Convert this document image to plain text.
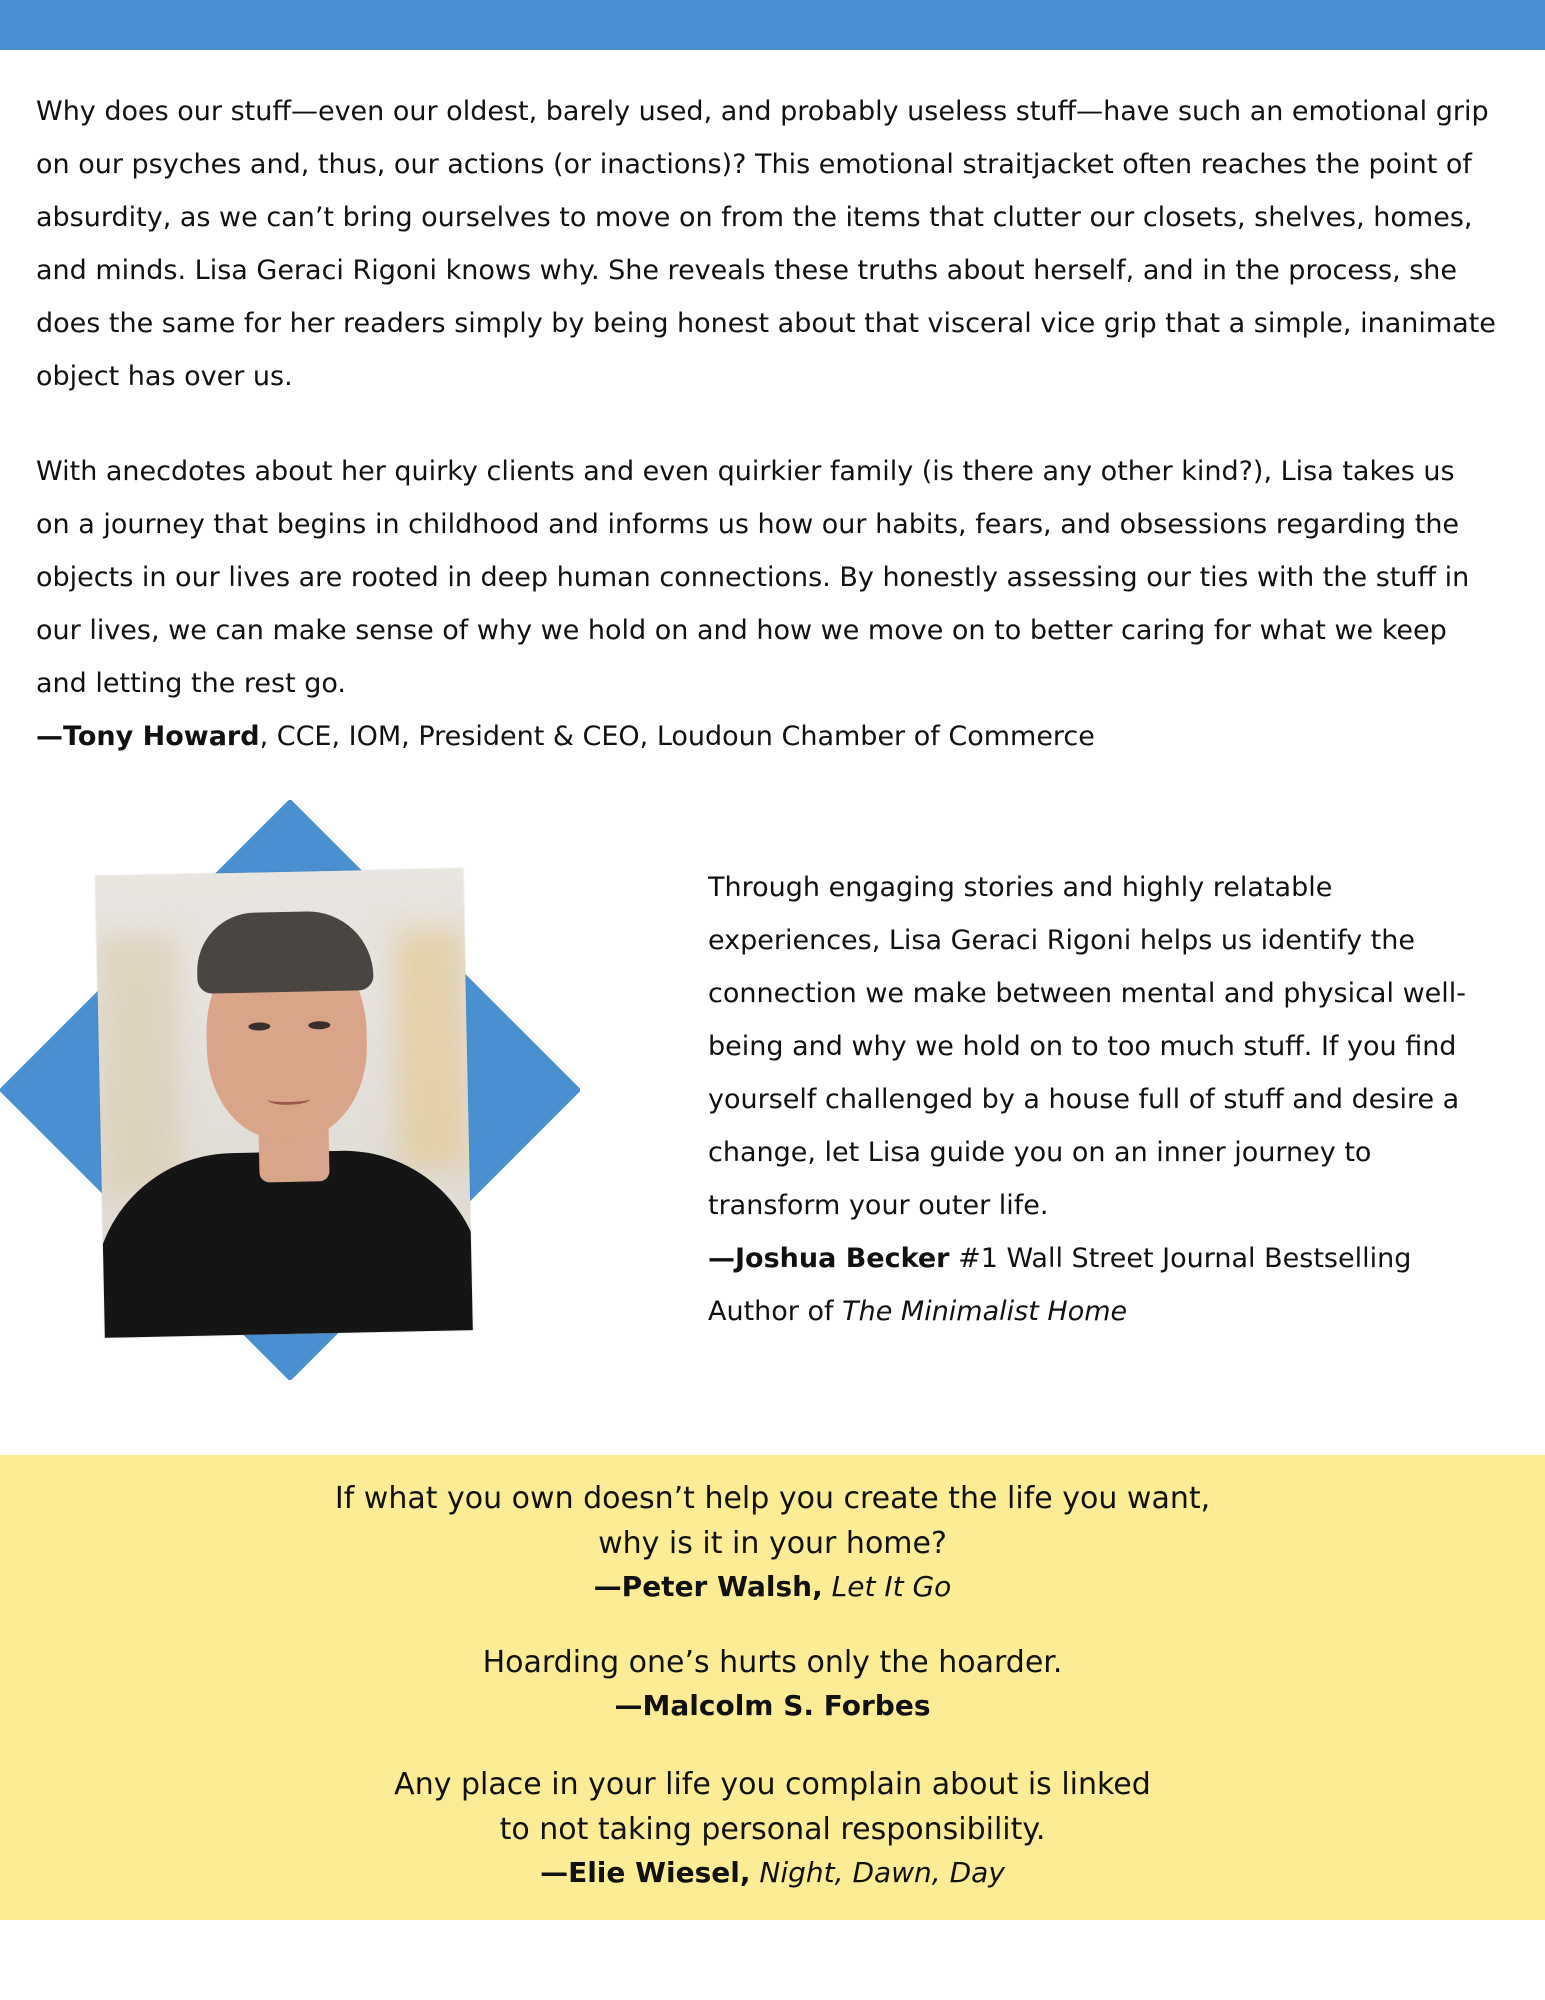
Why does our stuff—even our oldest, barely used, and probably useless stuff—have such an emotional grip on our psyches and, thus, our actions (or inactions)? This emotional straitjacket often reaches the point of absurdity, as we can’t bring ourselves to move on from the items that clutter our closets, shelves, homes, and minds. Lisa Geraci Rigoni knows why. She reveals these truths about herself, and in the process, she does the same for her readers simply by being honest about that visceral vice grip that a simple, inanimate object has over us.

With anecdotes about her quirky clients and even quirkier family (is there any other kind?), Lisa takes us on a journey that begins in childhood and informs us how our habits, fears, and obsessions regarding the objects in our lives are rooted in deep human connections. By honestly assessing our ties with the stuff in our lives, we can make sense of why we hold on and how we move on to better caring for what we keep and letting the rest go.
—Tony Howard, CCE, IOM, President & CEO, Loudoun Chamber of Commerce

Through engaging stories and highly relatable experiences, Lisa Geraci Rigoni helps us identify the connection we make between mental and physical well-being and why we hold on to too much stuff. If you find yourself challenged by a house full of stuff and desire a change, let Lisa guide you on an inner journey to transform your outer life.
—Joshua Becker #1 Wall Street Journal Bestselling Author of The Minimalist Home

If what you own doesn’t help you create the life you want,
why is it in your home?
—Peter Walsh, Let It Go

Hoarding one’s hurts only the hoarder.
—Malcolm S. Forbes

Any place in your life you complain about is linked
to not taking personal responsibility.
—Elie Wiesel, Night, Dawn, Day
